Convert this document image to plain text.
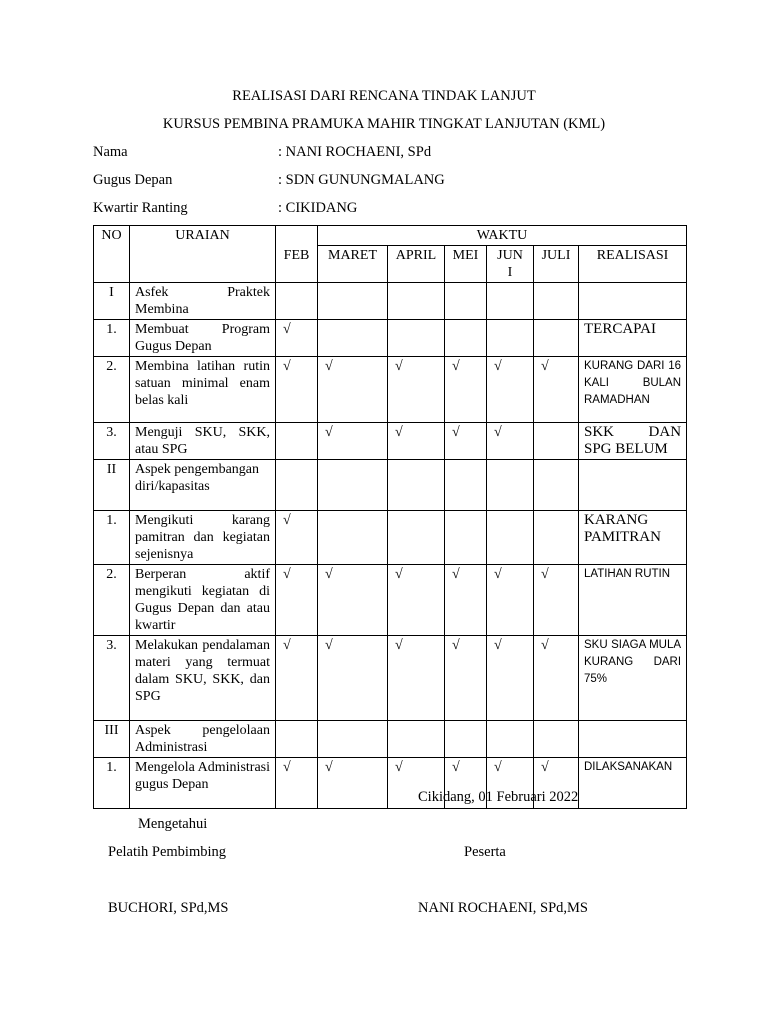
REALISASI DARI RENCANA TINDAK LANJUT
KURSUS PEMBINA PRAMUKA MAHIR TINGKAT LANJUTAN (KML)
Nama	: NANI ROCHAENI, SPd
Gugus Depan	: SDN GUNUNGMALANG
Kwartir Ranting	: CIKIDANG
NO	URAIAN		WAKTU					
		FEB	MARET	APRIL	MEI	JUN I	JULI	REALISASI
I	Asfek Praktek Membina							
1.	Membuat Program Gugus Depan	√						TERCAPAI
2.	Membina latihan rutin satuan minimal enam belas kali	√	√	√	√	√	√	KURANG DARI 16 KALI BULAN RAMADHAN
3.	Menguji SKU, SKK, atau SPG		√	√	√	√		SKK DAN SPG BELUM
II	Aspek pengembangan diri/kapasitas							
1.	Mengikuti karang pamitran dan kegiatan sejenisnya	√						KARANG PAMITRAN
2.	Berperan aktif mengikuti kegiatan di Gugus Depan dan atau kwartir	√	√	√	√	√	√	LATIHAN RUTIN
3.	Melakukan pendalaman materi yang termuat dalam SKU, SKK, dan SPG	√	√	√	√	√	√	SKU SIAGA MULA KURANG DARI 75%
III	Aspek pengelolaan Administrasi							
1.	Mengelola Administrasi gugus Depan	√	√	√	√	√	√	DILAKSANAKAN
Cikidang, 01 Februari 2022
Mengetahui
Pelatih Pembimbing	Peserta
BUCHORI, SPd,MS	NANI ROCHAENI, SPd,MS
